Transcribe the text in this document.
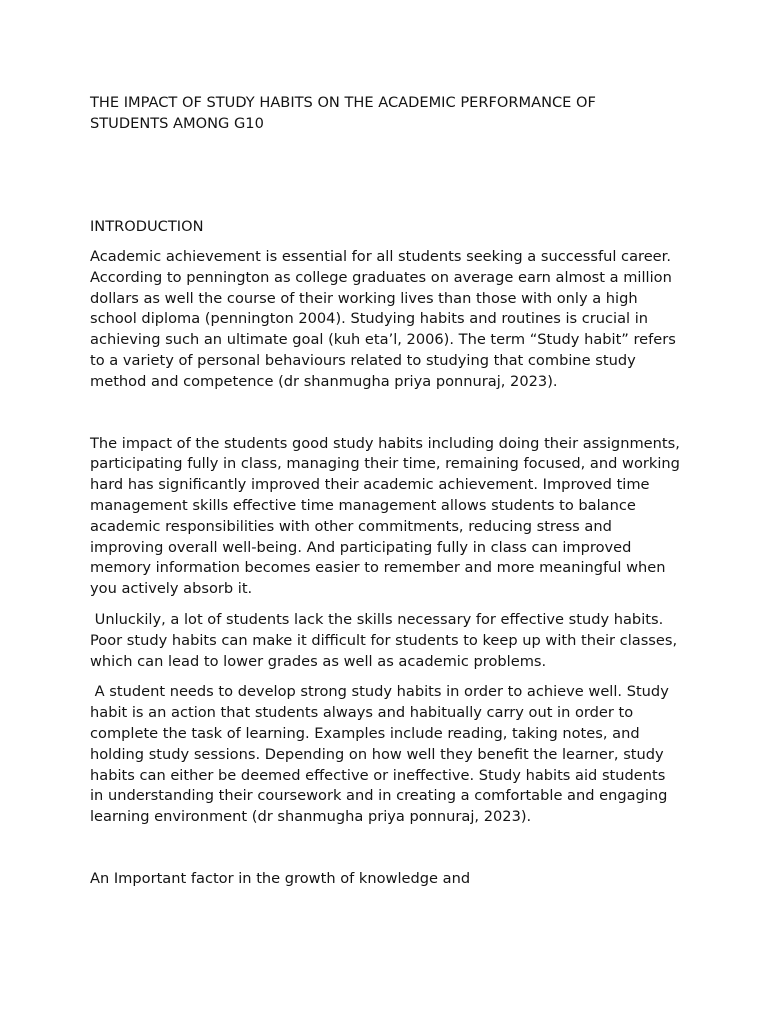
THE IMPACT OF STUDY HABITS ON THE ACADEMIC PERFORMANCE OF STUDENTS AMONG G10
INTRODUCTION

Academic achievement is essential for all students seeking a successful career. According to pennington as college graduates on average earn almost a million dollars as well the course of their working lives than those with only a high school diploma (pennington 2004). Studying habits and routines is crucial in achieving such an ultimate goal (kuh eta’l, 2006). The term “Study habit” refers to a variety of personal behaviours related to studying that combine study method and competence (dr shanmugha priya ponnuraj, 2023).

The impact of the students good study habits including doing their assignments, participating fully in class, managing their time, remaining focused, and working hard has significantly improved their academic achievement. Improved time management skills effective time management allows students to balance academic responsibilities with other commitments, reducing stress and improving overall well-being. And participating fully in class can improved memory information becomes easier to remember and more meaningful when you actively absorb it.

Unluckily, a lot of students lack the skills necessary for effective study habits. Poor study habits can make it difficult for students to keep up with their classes, which can lead to lower grades as well as academic problems.

A student needs to develop strong study habits in order to achieve well. Study habit is an action that students always and habitually carry out in order to complete the task of learning. Examples include reading, taking notes, and holding study sessions. Depending on how well they benefit the learner, study habits can either be deemed effective or ineffective. Study habits aid students in understanding their coursework and in creating a comfortable and engaging learning environment (dr shanmugha priya ponnuraj, 2023).

An Important factor in the growth of knowledge and
